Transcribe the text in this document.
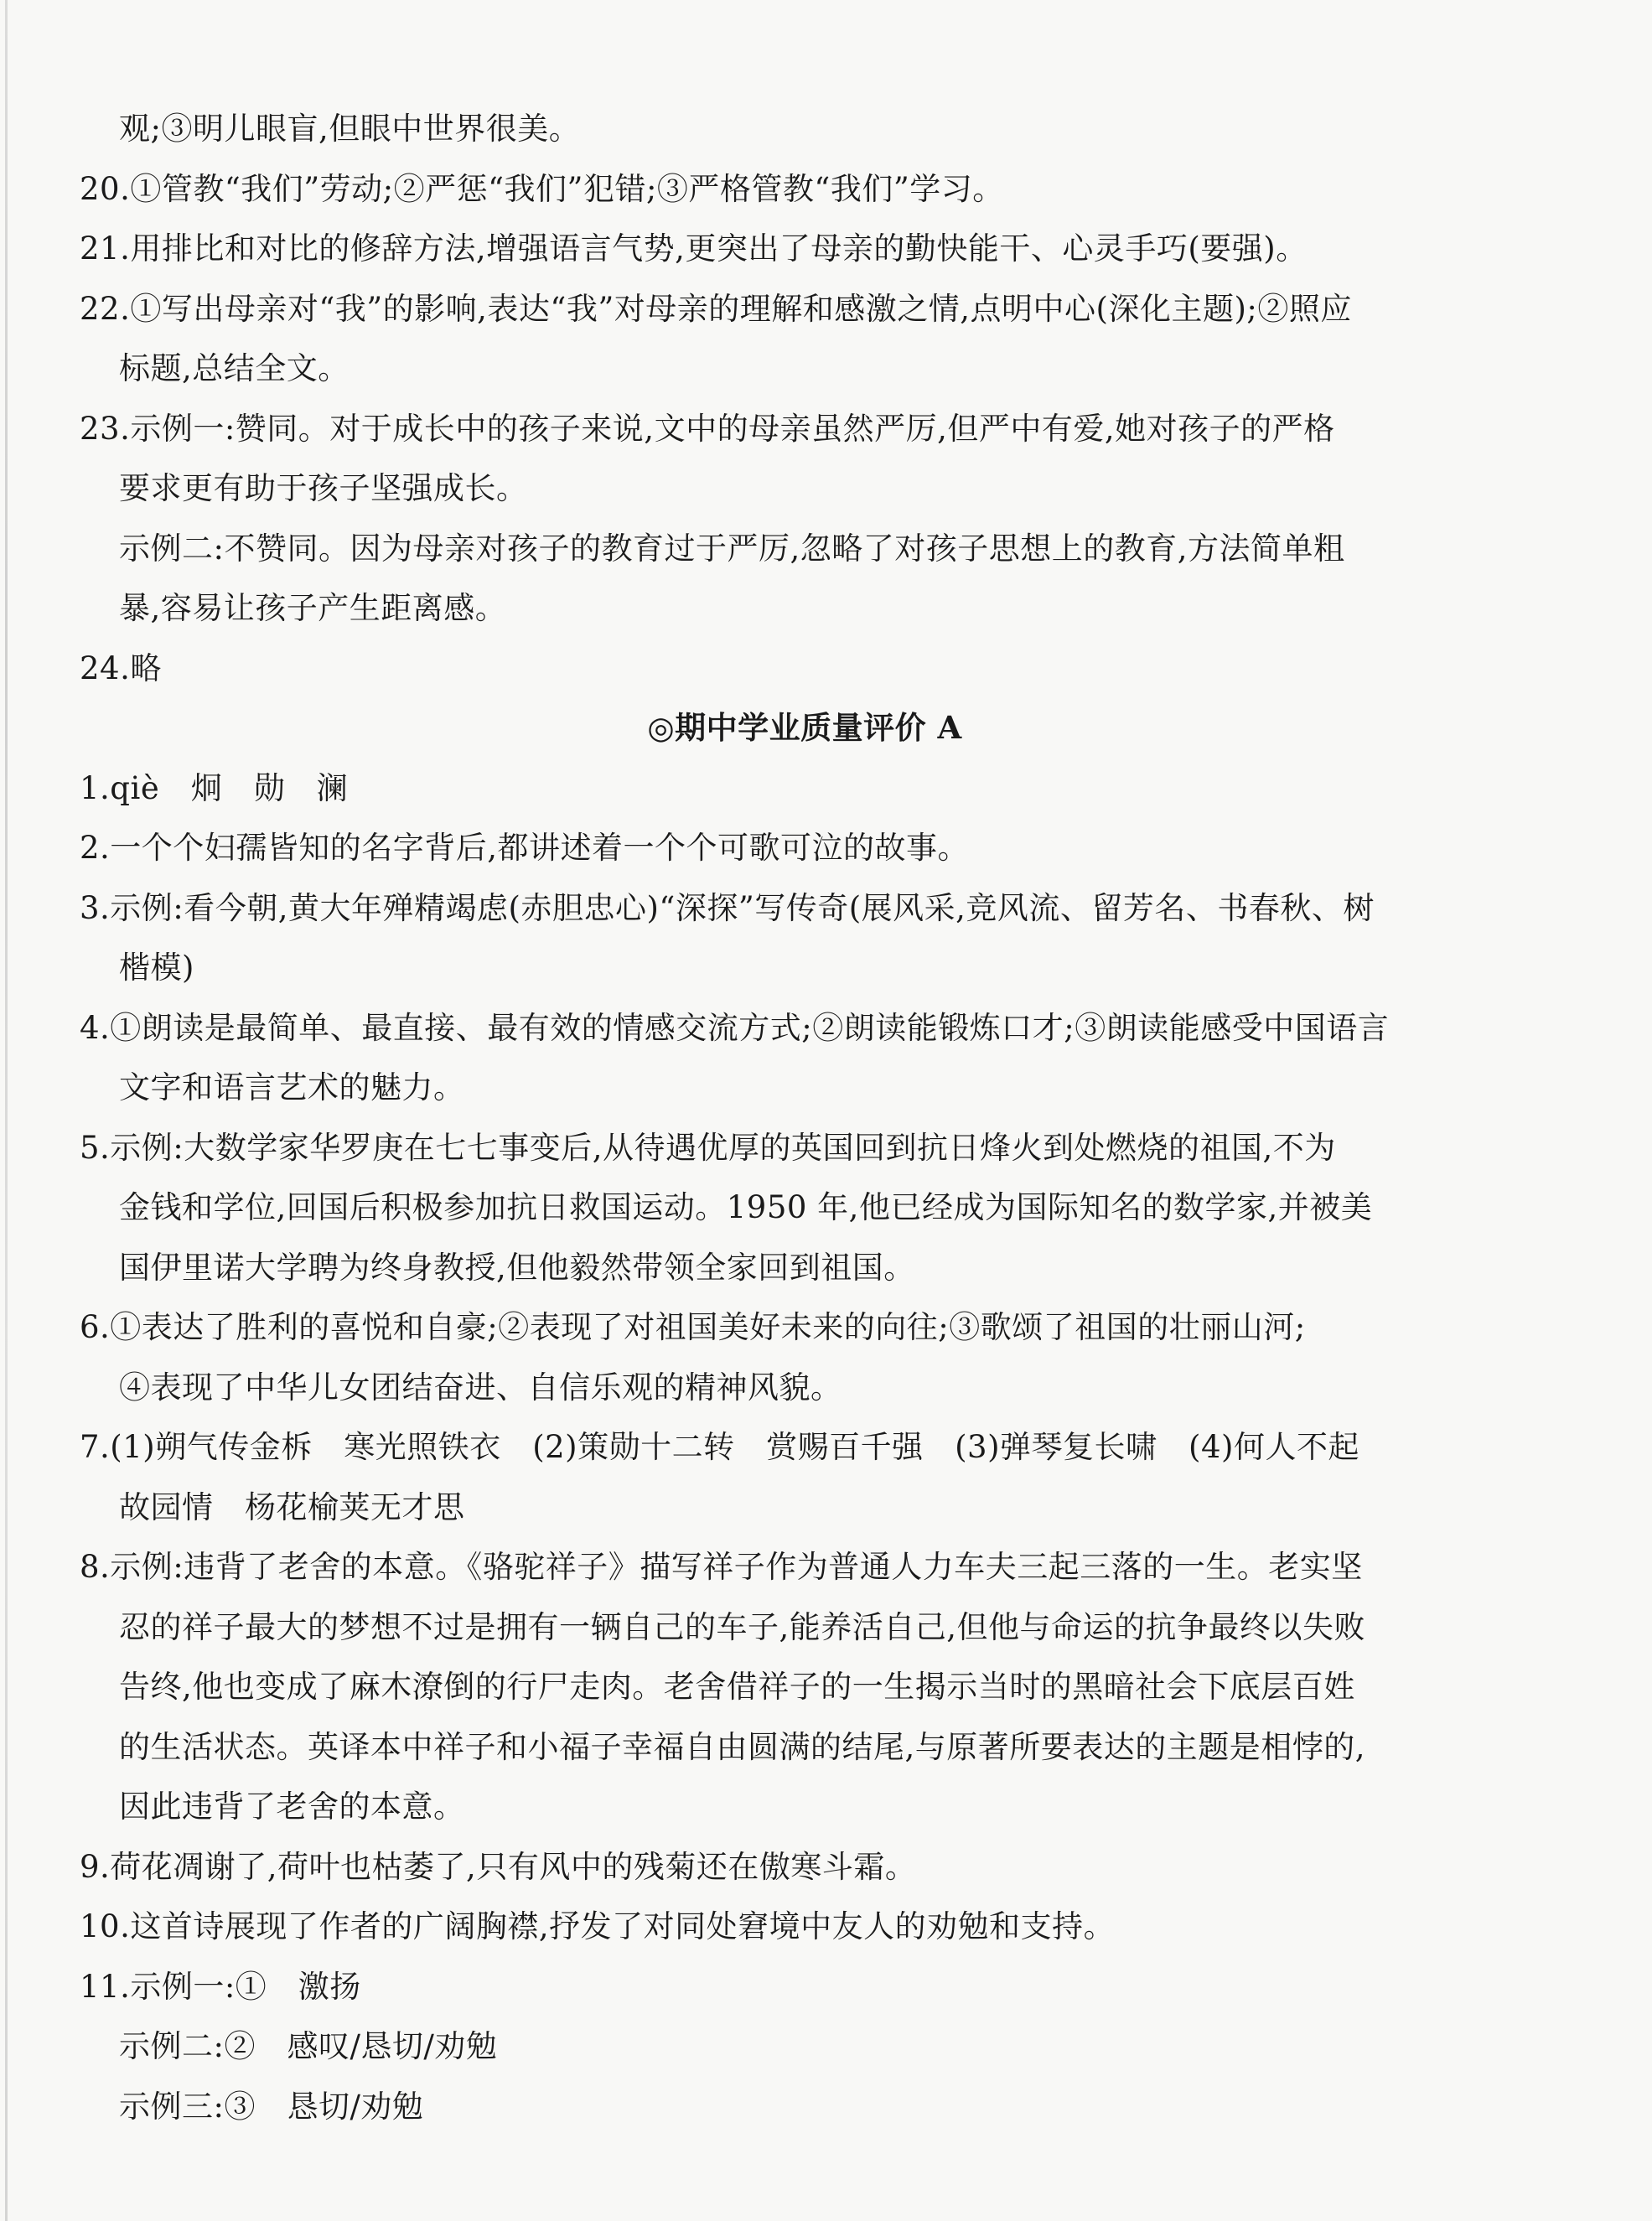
观;③明儿眼盲,但眼中世界很美。
20.①管教“我们”劳动;②严惩“我们”犯错;③严格管教“我们”学习。
21.用排比和对比的修辞方法,增强语言气势,更突出了母亲的勤快能干、心灵手巧(要强)。
22.①写出母亲对“我”的影响,表达“我”对母亲的理解和感激之情,点明中心(深化主题);②照应
标题,总结全文。
23.示例一:赞同。对于成长中的孩子来说,文中的母亲虽然严厉,但严中有爱,她对孩子的严格
要求更有助于孩子坚强成长。
示例二:不赞同。因为母亲对孩子的教育过于严厉,忽略了对孩子思想上的教育,方法简单粗
暴,容易让孩子产生距离感。
24.略
◎期中学业质量评价 A
1.qiè　炯　勋　澜
2.一个个妇孺皆知的名字背后,都讲述着一个个可歌可泣的故事。
3.示例:看今朝,黄大年殚精竭虑(赤胆忠心)“深探”写传奇(展风采,竞风流、留芳名、书春秋、树
楷模)
4.①朗读是最简单、最直接、最有效的情感交流方式;②朗读能锻炼口才;③朗读能感受中国语言
文字和语言艺术的魅力。
5.示例:大数学家华罗庚在七七事变后,从待遇优厚的英国回到抗日烽火到处燃烧的祖国,不为
金钱和学位,回国后积极参加抗日救国运动。1950 年,他已经成为国际知名的数学家,并被美
国伊里诺大学聘为终身教授,但他毅然带领全家回到祖国。
6.①表达了胜利的喜悦和自豪;②表现了对祖国美好未来的向往;③歌颂了祖国的壮丽山河;
④表现了中华儿女团结奋进、自信乐观的精神风貌。
7.(1)朔气传金柝　寒光照铁衣　(2)策勋十二转　赏赐百千强　(3)弹琴复长啸　(4)何人不起
故园情　杨花榆荚无才思
8.示例:违背了老舍的本意。《骆驼祥子》描写祥子作为普通人力车夫三起三落的一生。老实坚
忍的祥子最大的梦想不过是拥有一辆自己的车子,能养活自己,但他与命运的抗争最终以失败
告终,他也变成了麻木潦倒的行尸走肉。老舍借祥子的一生揭示当时的黑暗社会下底层百姓
的生活状态。英译本中祥子和小福子幸福自由圆满的结尾,与原著所要表达的主题是相悖的,
因此违背了老舍的本意。
9.荷花凋谢了,荷叶也枯萎了,只有风中的残菊还在傲寒斗霜。
10.这首诗展现了作者的广阔胸襟,抒发了对同处窘境中友人的劝勉和支持。
11.示例一:①　激扬
示例二:②　感叹/恳切/劝勉
示例三:③　恳切/劝勉
